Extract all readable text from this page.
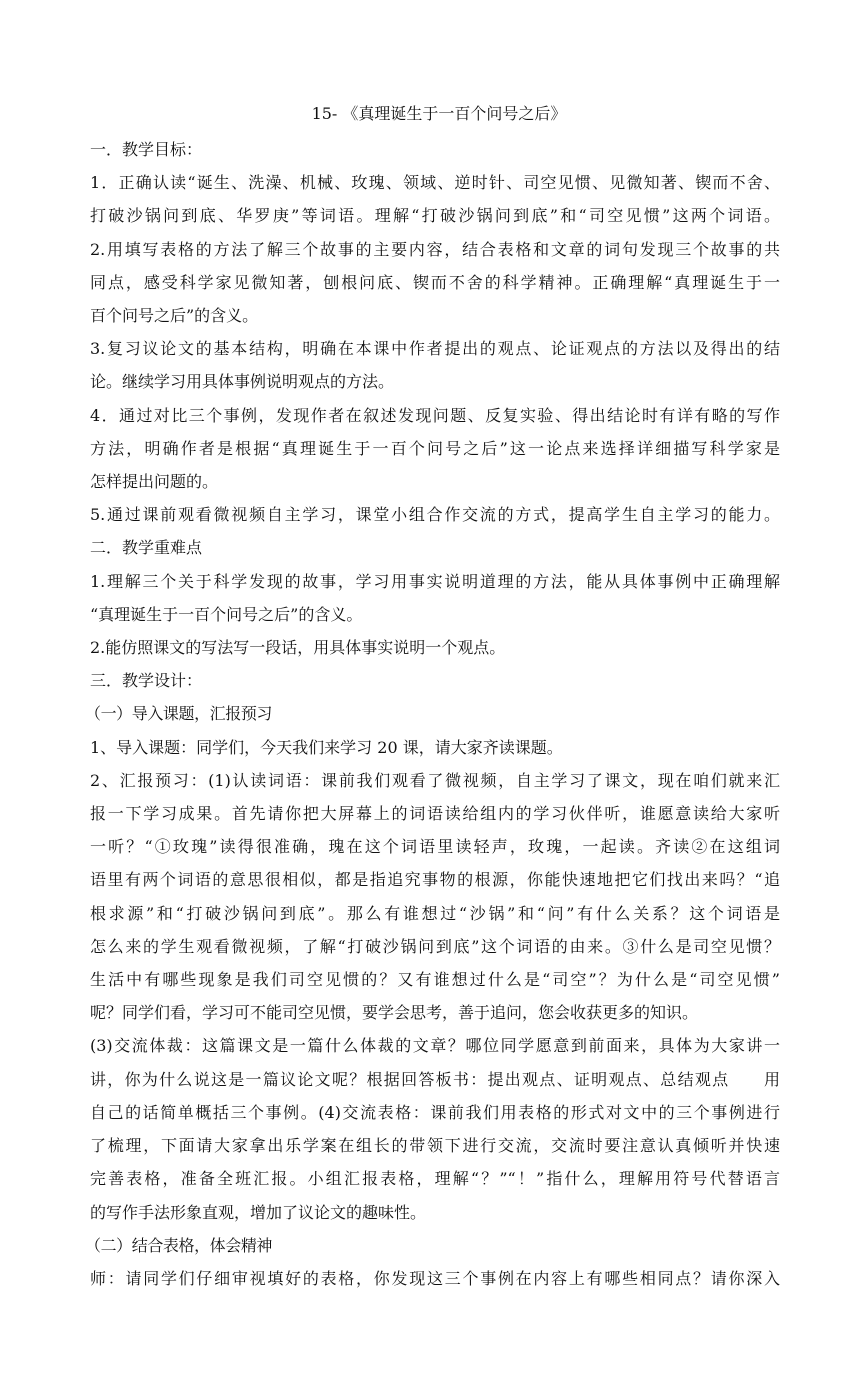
15- 《真理诞生于一百个问号之后》
一．教学目标：
1．正确认读“诞生、洗澡、机械、玫瑰、领域、逆时针、司空见惯、见微知著、锲而不舍、
打破沙锅问到底、华罗庚”等词语。理解“打破沙锅问到底”和“司空见惯”这两个词语。
2.用填写表格的方法了解三个故事的主要内容，结合表格和文章的词句发现三个故事的共
同点，感受科学家见微知著，刨根问底、锲而不舍的科学精神。正确理解“真理诞生于一
百个问号之后”的含义。
3.复习议论文的基本结构，明确在本课中作者提出的观点、论证观点的方法以及得出的结
论。继续学习用具体事例说明观点的方法。
4．通过对比三个事例，发现作者在叙述发现问题、反复实验、得出结论时有详有略的写作
方法，明确作者是根据“真理诞生于一百个问号之后”这一论点来选择详细描写科学家是
怎样提出问题的。
5.通过课前观看微视频自主学习，课堂小组合作交流的方式，提高学生自主学习的能力。
二．教学重难点
1.理解三个关于科学发现的故事，学习用事实说明道理的方法，能从具体事例中正确理解
“真理诞生于一百个问号之后”的含义。
2.能仿照课文的写法写一段话，用具体事实说明一个观点。
三．教学设计：
（一）导入课题，汇报预习
1、导入课题：同学们，今天我们来学习 20 课，请大家齐读课题。
2、汇报预习：(1)认读词语：课前我们观看了微视频，自主学习了课文，现在咱们就来汇
报一下学习成果。首先请你把大屏幕上的词语读给组内的学习伙伴听，谁愿意读给大家听
一听？“①玫瑰”读得很准确，瑰在这个词语里读轻声，玫瑰，一起读。齐读②在这组词
语里有两个词语的意思很相似，都是指追究事物的根源，你能快速地把它们找出来吗？“追
根求源”和“打破沙锅问到底”。那么有谁想过“沙锅”和“问”有什么关系？这个词语是
怎么来的学生观看微视频，了解“打破沙锅问到底”这个词语的由来。③什么是司空见惯？
生活中有哪些现象是我们司空见惯的？又有谁想过什么是“司空”？为什么是“司空见惯”
呢？同学们看，学习可不能司空见惯，要学会思考，善于追问，您会收获更多的知识。
(3)交流体裁：这篇课文是一篇什么体裁的文章？哪位同学愿意到前面来，具体为大家讲一
讲，你为什么说这是一篇议论文呢？根据回答板书：提出观点、证明观点、总结观点　　用
自己的话简单概括三个事例。(4)交流表格：课前我们用表格的形式对文中的三个事例进行
了梳理，下面请大家拿出乐学案在组长的带领下进行交流，交流时要注意认真倾听并快速
完善表格，准备全班汇报。小组汇报表格，理解“？”“！”指什么，理解用符号代替语言
的写作手法形象直观，增加了议论文的趣味性。
（二）结合表格，体会精神
师：请同学们仔细审视填好的表格，你发现这三个事例在内容上有哪些相同点？请你深入
